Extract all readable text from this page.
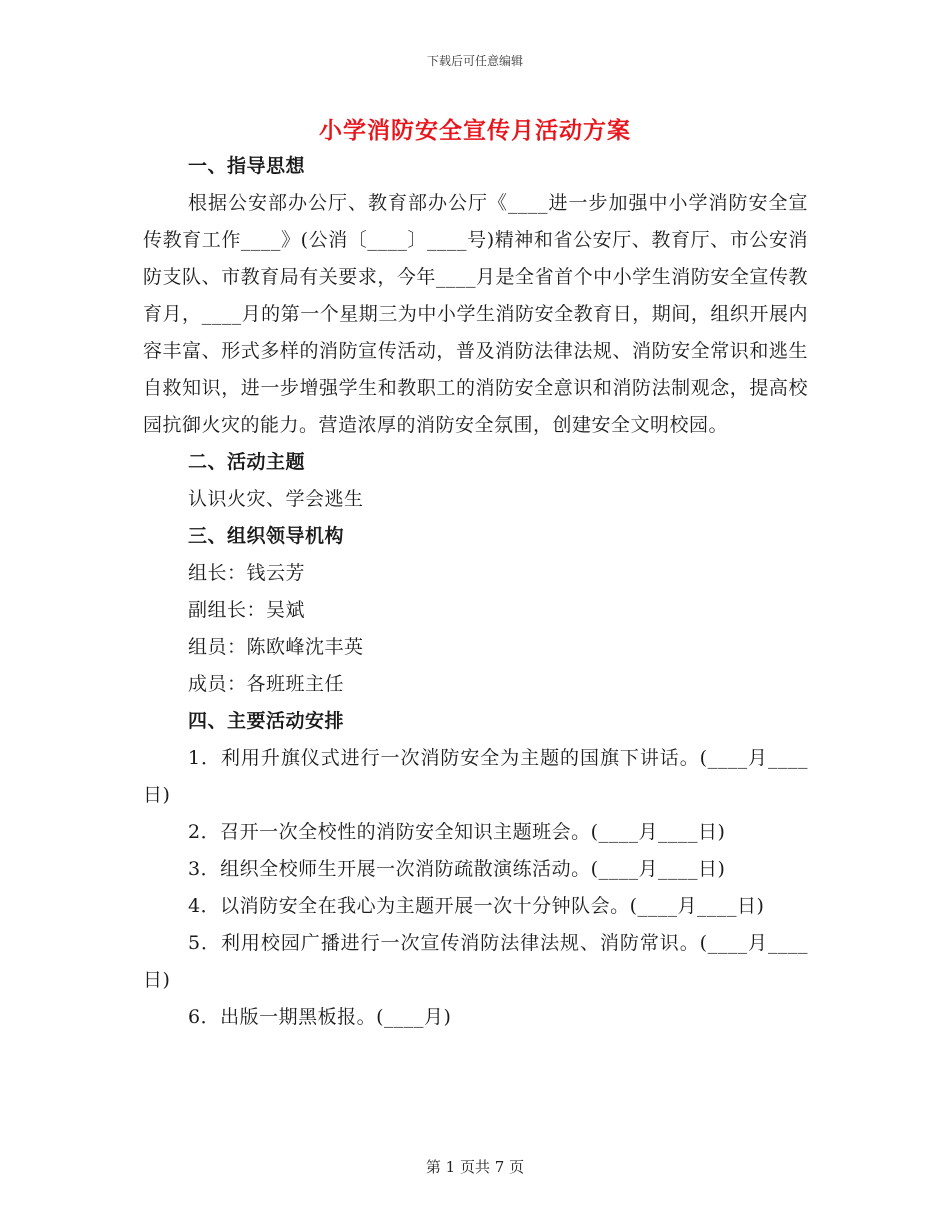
下载后可任意编辑
小学消防安全宣传月活动方案

一、指导思想

根据公安部办公厅、教育部办公厅《____进一步加强中小学消防安全宣传教育工作____》(公消〔____〕____号)精神和省公安厅、教育厅、市公安消防支队、市教育局有关要求，今年____月是全省首个中小学生消防安全宣传教育月，____月的第一个星期三为中小学生消防安全教育日，期间，组织开展内容丰富、形式多样的消防宣传活动，普及消防法律法规、消防安全常识和逃生自救知识，进一步增强学生和教职工的消防安全意识和消防法制观念，提高校园抗御火灾的能力。营造浓厚的消防安全氛围，创建安全文明校园。

二、活动主题

认识火灾、学会逃生

三、组织领导机构

组长：钱云芳

副组长：吴斌

组员：陈欧峰沈丰英

成员：各班班主任

四、主要活动安排

1．利用升旗仪式进行一次消防安全为主题的国旗下讲话。(____月____日)

2．召开一次全校性的消防安全知识主题班会。(____月____日)

3．组织全校师生开展一次消防疏散演练活动。(____月____日)

4．以消防安全在我心为主题开展一次十分钟队会。(____月____日)

5．利用校园广播进行一次宣传消防法律法规、消防常识。(____月____日)

6．出版一期黑板报。(____月)

第 1 页共 7 页
